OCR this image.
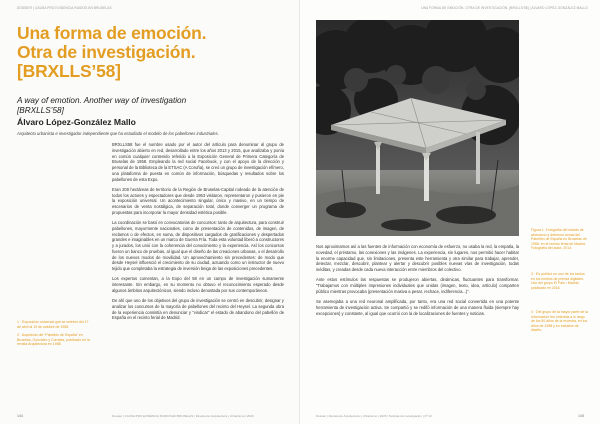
DOSSIER | CAUSA PRO EVIDENCIA RUIDOS EN BRUSELAS
Una forma de emoción.
Otra de investigación.
[BRXLLS’58]
A way of emotion. Another way of investigation
[BRXLLS’58]
Álvaro López-González Mallo
Arquitecto urbanista e investigador independiente que ha estudiado el modelo de los pabellones industriales.

BRXLLS58 fue el nombre usado por el autor del artículo para denominar al grupo de investigación abierto en red, desarrollado entre los años 2013 y 2015, que analizaba y ponía en común cualquier contenido referido a la Exposición General de Primera Categoría de Bruselas de 1958. Empleando la red social Facebook, y con el apoyo de la dirección y personal de la Biblioteca de la ETSAC (A Coruña), se creó un grupo de investigación efímero, una plataforma de puesta en común de información, búsquedas y resultados sobre los pabellones de esta Expo.

Eran 200 hectáreas de territorio de la Región de Bruselas-Capital rodeado de la atención de todos los actores y espectadores que desde 1953 visitaron, representaron y pusieron en pie la exposición universal. Un acontecimiento singular, único y masivo, en un tiempo de escenarios de venta nostálgica, de separación total, donde converger un programa de propuestas para incorporar la mayor densidad estética posible.

La coordinación se basó en convocatorias de concursos: tanto de arquitectura, para construir pabellones, mayormente nacionales, como de presentación de contenidos, de imagen, de reclamos o de efectos, en suma, de dispositivos cargados de gratificaciones y despertados grandes e imaginables en un marco de Guerra Fría. Toda esta voluntad liberó a constructores y a jurados, los unió con la coherencia del conocimiento y la experiencia. Así los concursos fueron un banco de pruebas, al igual que el diseño de las creaciones urbanas, o el desarrollo de los nuevos modos de movilidad. Un aprovechamiento sin precedentes: de modo que desde Heysel influenció el crecimiento de su ciudad, actuando como un instructor de nuevo tejido que completaba la estrategia de inversión beiga de las exposiciones precedentes.

Los expertos comentan, a la Expo del 58 en un campo de investigación sumamente interesante. Sin embargo, en su momento no obtuvo el reconocimiento esperado desde algunos ámbitos arquitectónicos, siendo incluso denostada por sus contemporáneos.

De ahí que uno de los objetivos del grupo de investigación se centró en descubrir, designar y analizar los concursos de la mayoría de pabellones del recinto del Heysel. La segunda obra de la experiencia consistía en denunciar y “vindicar” el estado de abandono del pabellón de España en el recinto ferial de Madrid.

1 · Exposición universal que se celebró del 17 de abril al 19 de octubre de 1958.
2 · Arquitecto del “Pabellón de España” en Bruselas, Gonzalez y Corrales, publicado en la revista Arquitectura en 1958.
144	Dossier | CAUSA PRO EVIDENCIA RUIDOS EN BRUSELAS | Revista de Arquitectura y Urbanismo | 2020
UNA FORMA DE EMOCIÓN. OTRA DE INVESTIGACIÓN. [BRXLLS’58] | ÁLVARO LÓPEZ-GONZÁLEZ MALLO

Nos aproximamos así a las fuentes de información con economía de esfuerzo, no usaba la red, la empatía, la novedad, el préstamo, las conexiones y las imágenes. La experiencia, sin lugares, nos permitió hacer habitar la enorme capacidad que, sin limitaciones, presenta este herramienta y otra similar para trabajar, aprender, detectar, mezclar, descubrir, plantear y alertar y descubrir posibles nuevas vías de investigación, todas inéditas, y creadas desde cada nueva interacción entre miembros del colectivo.

Ante estos estímulos las respuestas se produjeron abiertas, dinámicas, fluctuantes para transformar. “Trabajamos con múltiples impresiones individuales que unidas (imagen, texto, idea, artículo) comparten público mientras provocaba (presentación masiva a pesar, rechace, indiferencia...)”.

Se asemejaba a una red neuronal amplificada, por tanto, era una red social convertida en una potente herramienta de investigación activa. Se compartió y se redifó información de una manera fluida (siempre hay excepciones) y constante, al igual que ocurrió con la de localizaciones de fuentes y noticias.

Figura 1. Fotografía del estado de abandono y deterioro actual del Pabellón de España en Bruselas de 1958, en el recinto ferial de Madrid. Fotografía del autor, 2014.
3 · Es publicó en uno de los tantos en los medios de prensa digitales. Uso del grupo El País / Madrid, publicado en 2016.
4 · Del grupo de la mayor parte de la información fue obtenida a lo largo de los 50 años de la muestra, en los años de 1958 y en estudios de diseño.
Dossier | Revista de Arquitectura y Urbanismo | 2020 | Noticias de investigación | Nº 10	145
